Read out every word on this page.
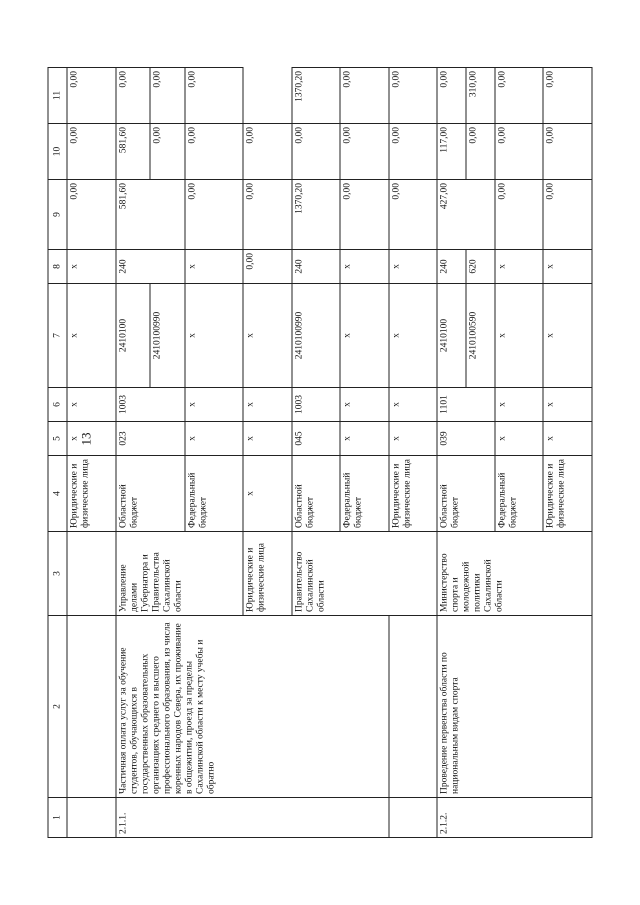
13
1	2	3	4	5	6	7	8	9	10	11
			Юридические и физические лица	x	x	x	x	0,00	0,00	0,00
2.1.1.	Частичная оплата услуг за обучение студентов, обучающихся в государственных образовательных организациях среднего и высшего профессионального образования, из числа коренных народов Севера, их проживание в общежитии, проезд за пределы Сахалинской области к месту учебы и обратно	Управление делами Губернатора и Правительства Сахалинской области	Областной бюджет	023	1003	2410100	240	581,60	581,60	0,00
						2410100990			0,00	0,00
			Федеральный бюджет	x	x	x	x	0,00	0,00	0,00
		Юридические и физические лица	x	x	x	x	0,00	0,00	0,00	
		Правительство Сахалинской области	Областной бюджет	045	1003	2410100990	240	1370,20	0,00	1370,20
			Федеральный бюджет	x	x	x	x	0,00	0,00	0,00
			Юридические и физические лица	x	x	x	x	0,00	0,00	0,00
2.1.2.	Проведение первенства области по национальным видам спорта	Министерство спорта и молодежной политики Сахалинской области	Областной бюджет	039	1101	2410100	240	427,00	117,00	0,00
						2410100590	620		0,00	310,00
			Федеральный бюджет	x	x	x	x	0,00	0,00	0,00
			Юридические и физические лица	x	x	x	x	0,00	0,00	0,00
